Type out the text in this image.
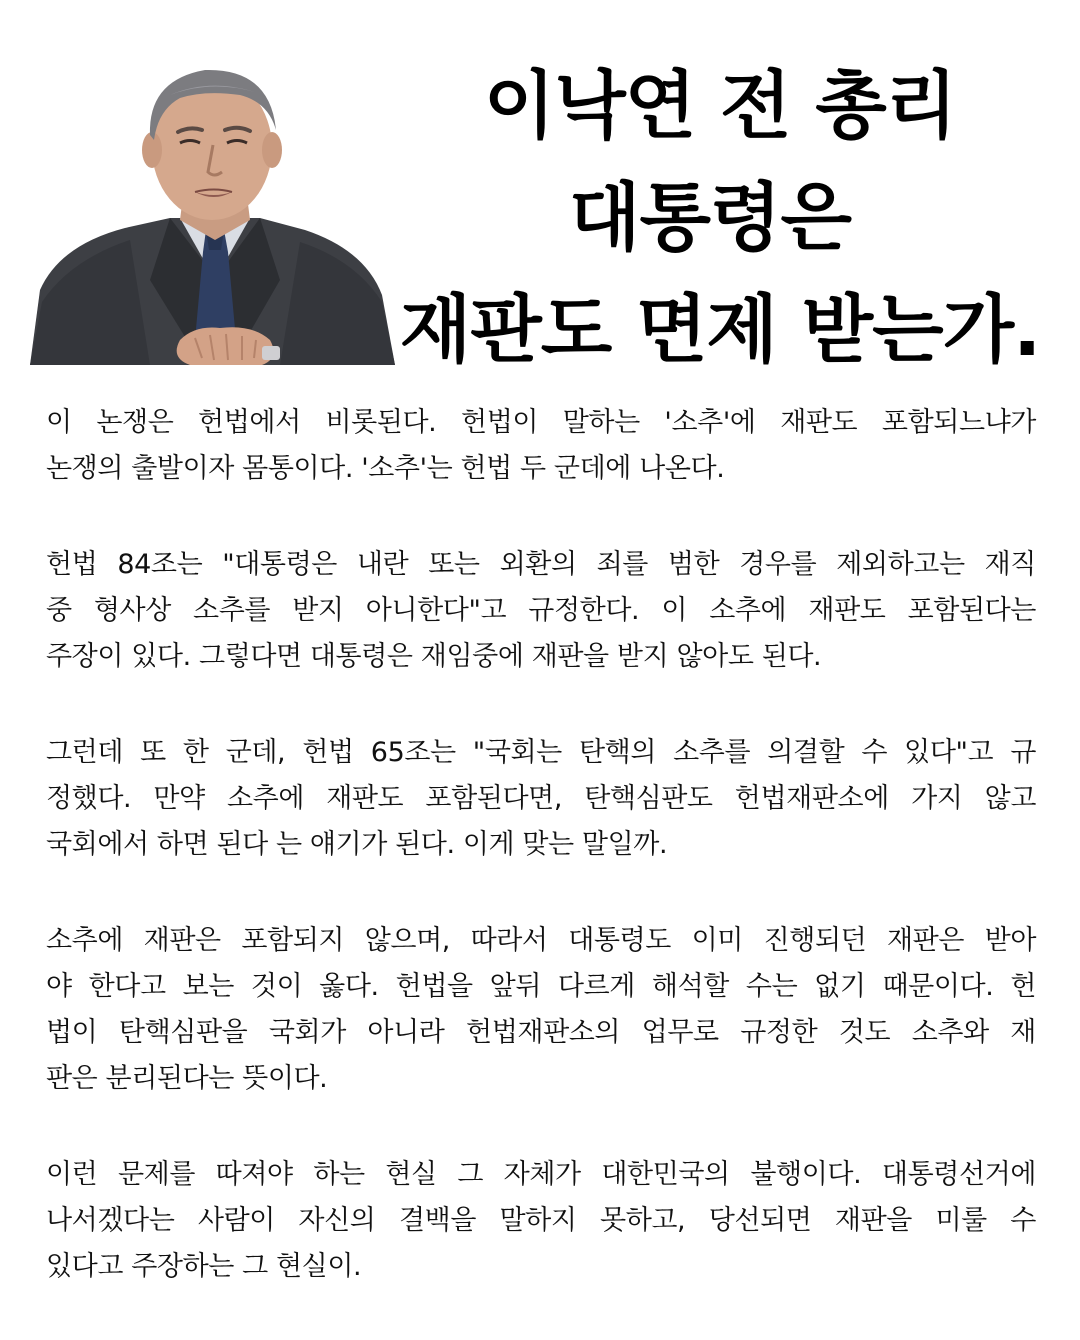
이낙연 전 총리
대통령은
재판도 면제 받는가.

이 논쟁은 헌법에서 비롯된다. 헌법이 말하는 '소추'에 재판도 포함되느냐가
논쟁의 출발이자 몸통이다. '소추'는 헌법 두 군데에 나온다.

헌법 84조는 "대통령은 내란 또는 외환의 죄를 범한 경우를 제외하고는 재직
중 형사상 소추를 받지 아니한다"고 규정한다. 이 소추에 재판도 포함된다는
주장이 있다. 그렇다면 대통령은 재임중에 재판을 받지 않아도 된다.

그런데 또 한 군데, 헌법 65조는 "국회는 탄핵의 소추를 의결할 수 있다"고 규
정했다. 만약 소추에 재판도 포함된다면, 탄핵심판도 헌법재판소에 가지 않고
국회에서 하면 된다 는 얘기가 된다. 이게 맞는 말일까.

소추에 재판은 포함되지 않으며, 따라서 대통령도 이미 진행되던 재판은 받아
야 한다고 보는 것이 옳다. 헌법을 앞뒤 다르게 해석할 수는 없기 때문이다. 헌
법이 탄핵심판을 국회가 아니라 헌법재판소의 업무로 규정한 것도 소추와 재
판은 분리된다는 뜻이다.

이런 문제를 따져야 하는 현실 그 자체가 대한민국의 불행이다. 대통령선거에
나서겠다는 사람이 자신의 결백을 말하지 못하고, 당선되면 재판을 미룰 수
있다고 주장하는 그 현실이.
